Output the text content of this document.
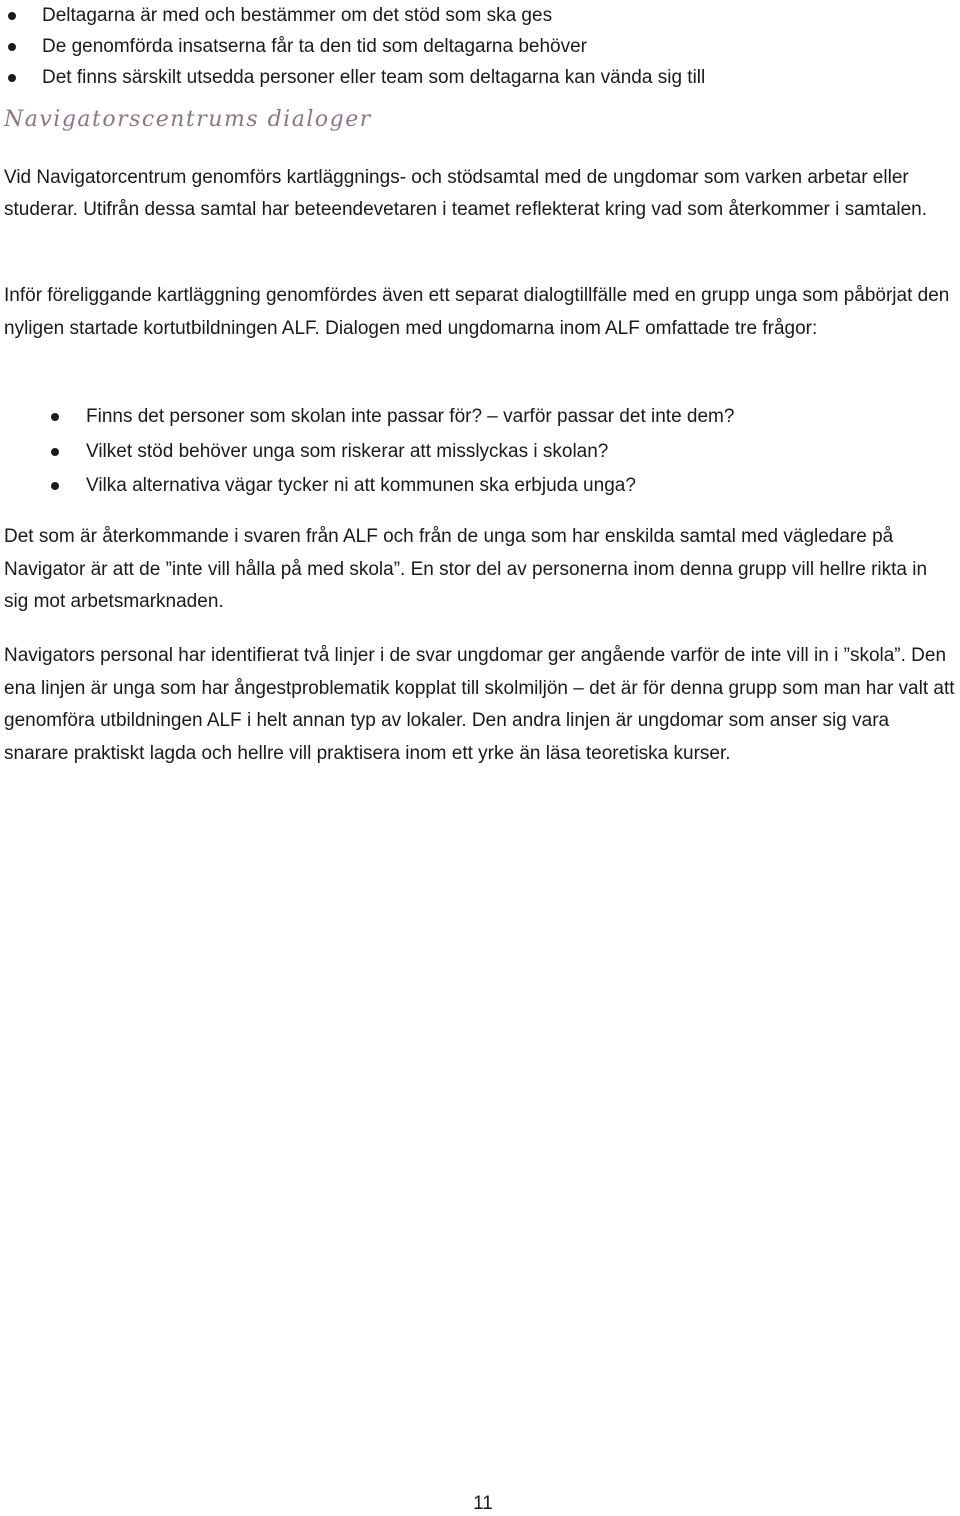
Deltagarna är med och bestämmer om det stöd som ska ges
De genomförda insatserna får ta den tid som deltagarna behöver
Det finns särskilt utsedda personer eller team som deltagarna kan vända sig till
Navigatorscentrums dialoger

Vid Navigatorcentrum genomförs kartläggnings- och stödsamtal med de ungdomar som varken arbetar eller studerar. Utifrån dessa samtal har beteendevetaren i teamet reflekterat kring vad som återkommer i samtalen.

Inför föreliggande kartläggning genomfördes även ett separat dialogtillfälle med en grupp unga som påbörjat den nyligen startade kortutbildningen ALF. Dialogen med ungdomarna inom ALF omfattade tre frågor:

Finns det personer som skolan inte passar för? – varför passar det inte dem?
Vilket stöd behöver unga som riskerar att misslyckas i skolan?
Vilka alternativa vägar tycker ni att kommunen ska erbjuda unga?

Det som är återkommande i svaren från ALF och från de unga som har enskilda samtal med vägledare på Navigator är att de ”inte vill hålla på med skola”. En stor del av personerna inom denna grupp vill hellre rikta in sig mot arbetsmarknaden.

Navigators personal har identifierat två linjer i de svar ungdomar ger angående varför de inte vill in i ”skola”. Den ena linjen är unga som har ångestproblematik kopplat till skolmiljön – det är för denna grupp som man har valt att genomföra utbildningen ALF i helt annan typ av lokaler. Den andra linjen är ungdomar som anser sig vara snarare praktiskt lagda och hellre vill praktisera inom ett yrke än läsa teoretiska kurser.

11
